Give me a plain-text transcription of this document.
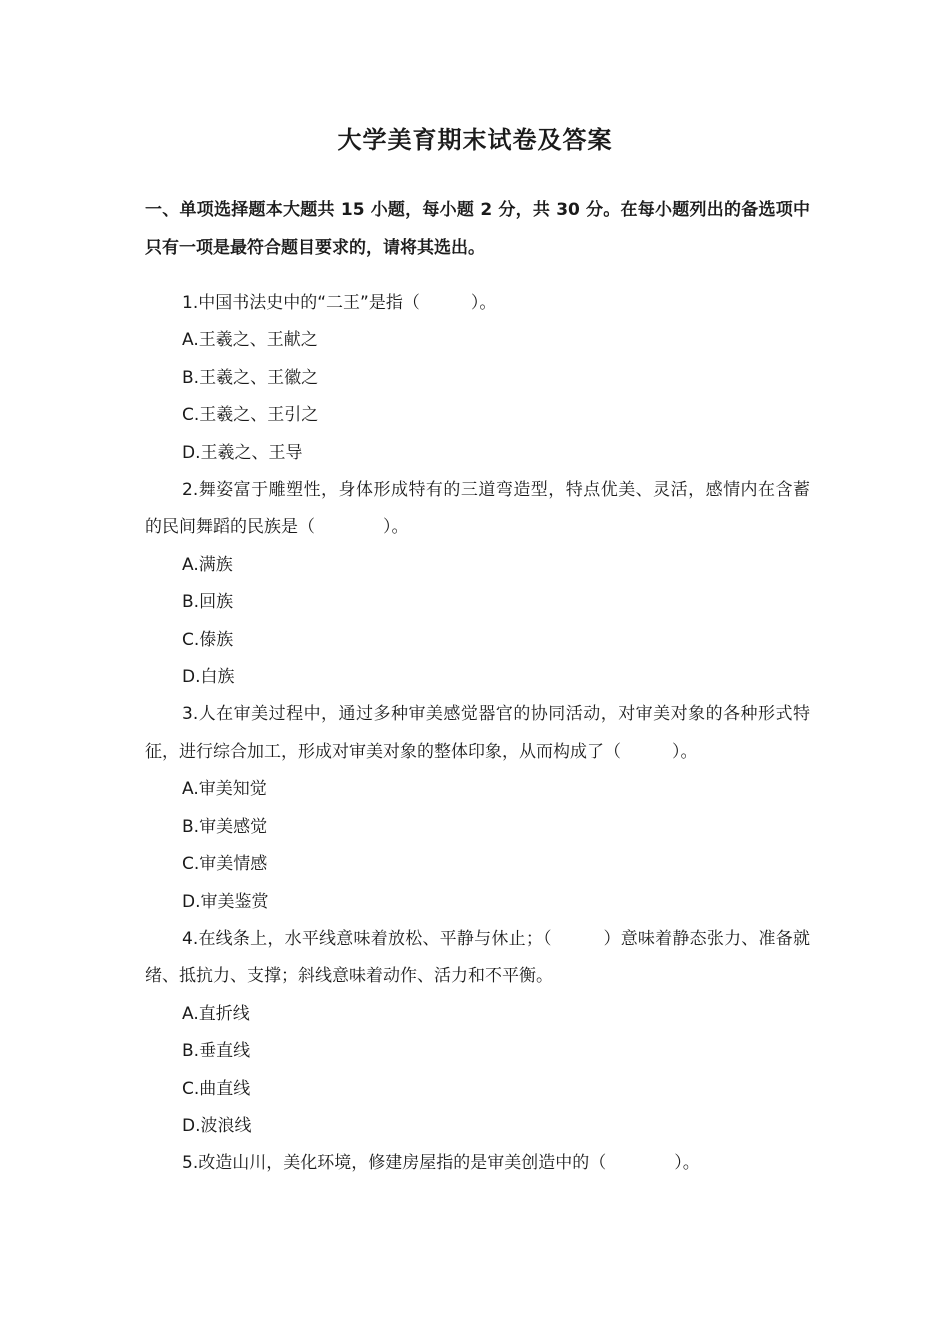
大学美育期末试卷及答案
一、单项选择题本大题共 15 小题，每小题 2 分，共 30 分。在每小题列出的备选项中只有一项是最符合题目要求的，请将其选出。

1.中国书法史中的“二王”是指（　　　）。

A.王羲之、王献之

B.王羲之、王徽之

C.王羲之、王引之

D.王羲之、王导

2.舞姿富于雕塑性，身体形成特有的三道弯造型，特点优美、灵活，感情内在含蓄的民间舞蹈的民族是（　　　　）。

A.满族

B.回族

C.傣族

D.白族

3.人在审美过程中，通过多种审美感觉器官的协同活动，对审美对象的各种形式特征，进行综合加工，形成对审美对象的整体印象，从而构成了（　　　）。

A.审美知觉

B.审美感觉

C.审美情感

D.审美鉴赏

4.在线条上，水平线意味着放松、平静与休止；（　　　）意味着静态张力、准备就绪、抵抗力、支撑；斜线意味着动作、活力和不平衡。

A.直折线

B.垂直线

C.曲直线

D.波浪线

5.改造山川，美化环境，修建房屋指的是审美创造中的（　　　　）。
